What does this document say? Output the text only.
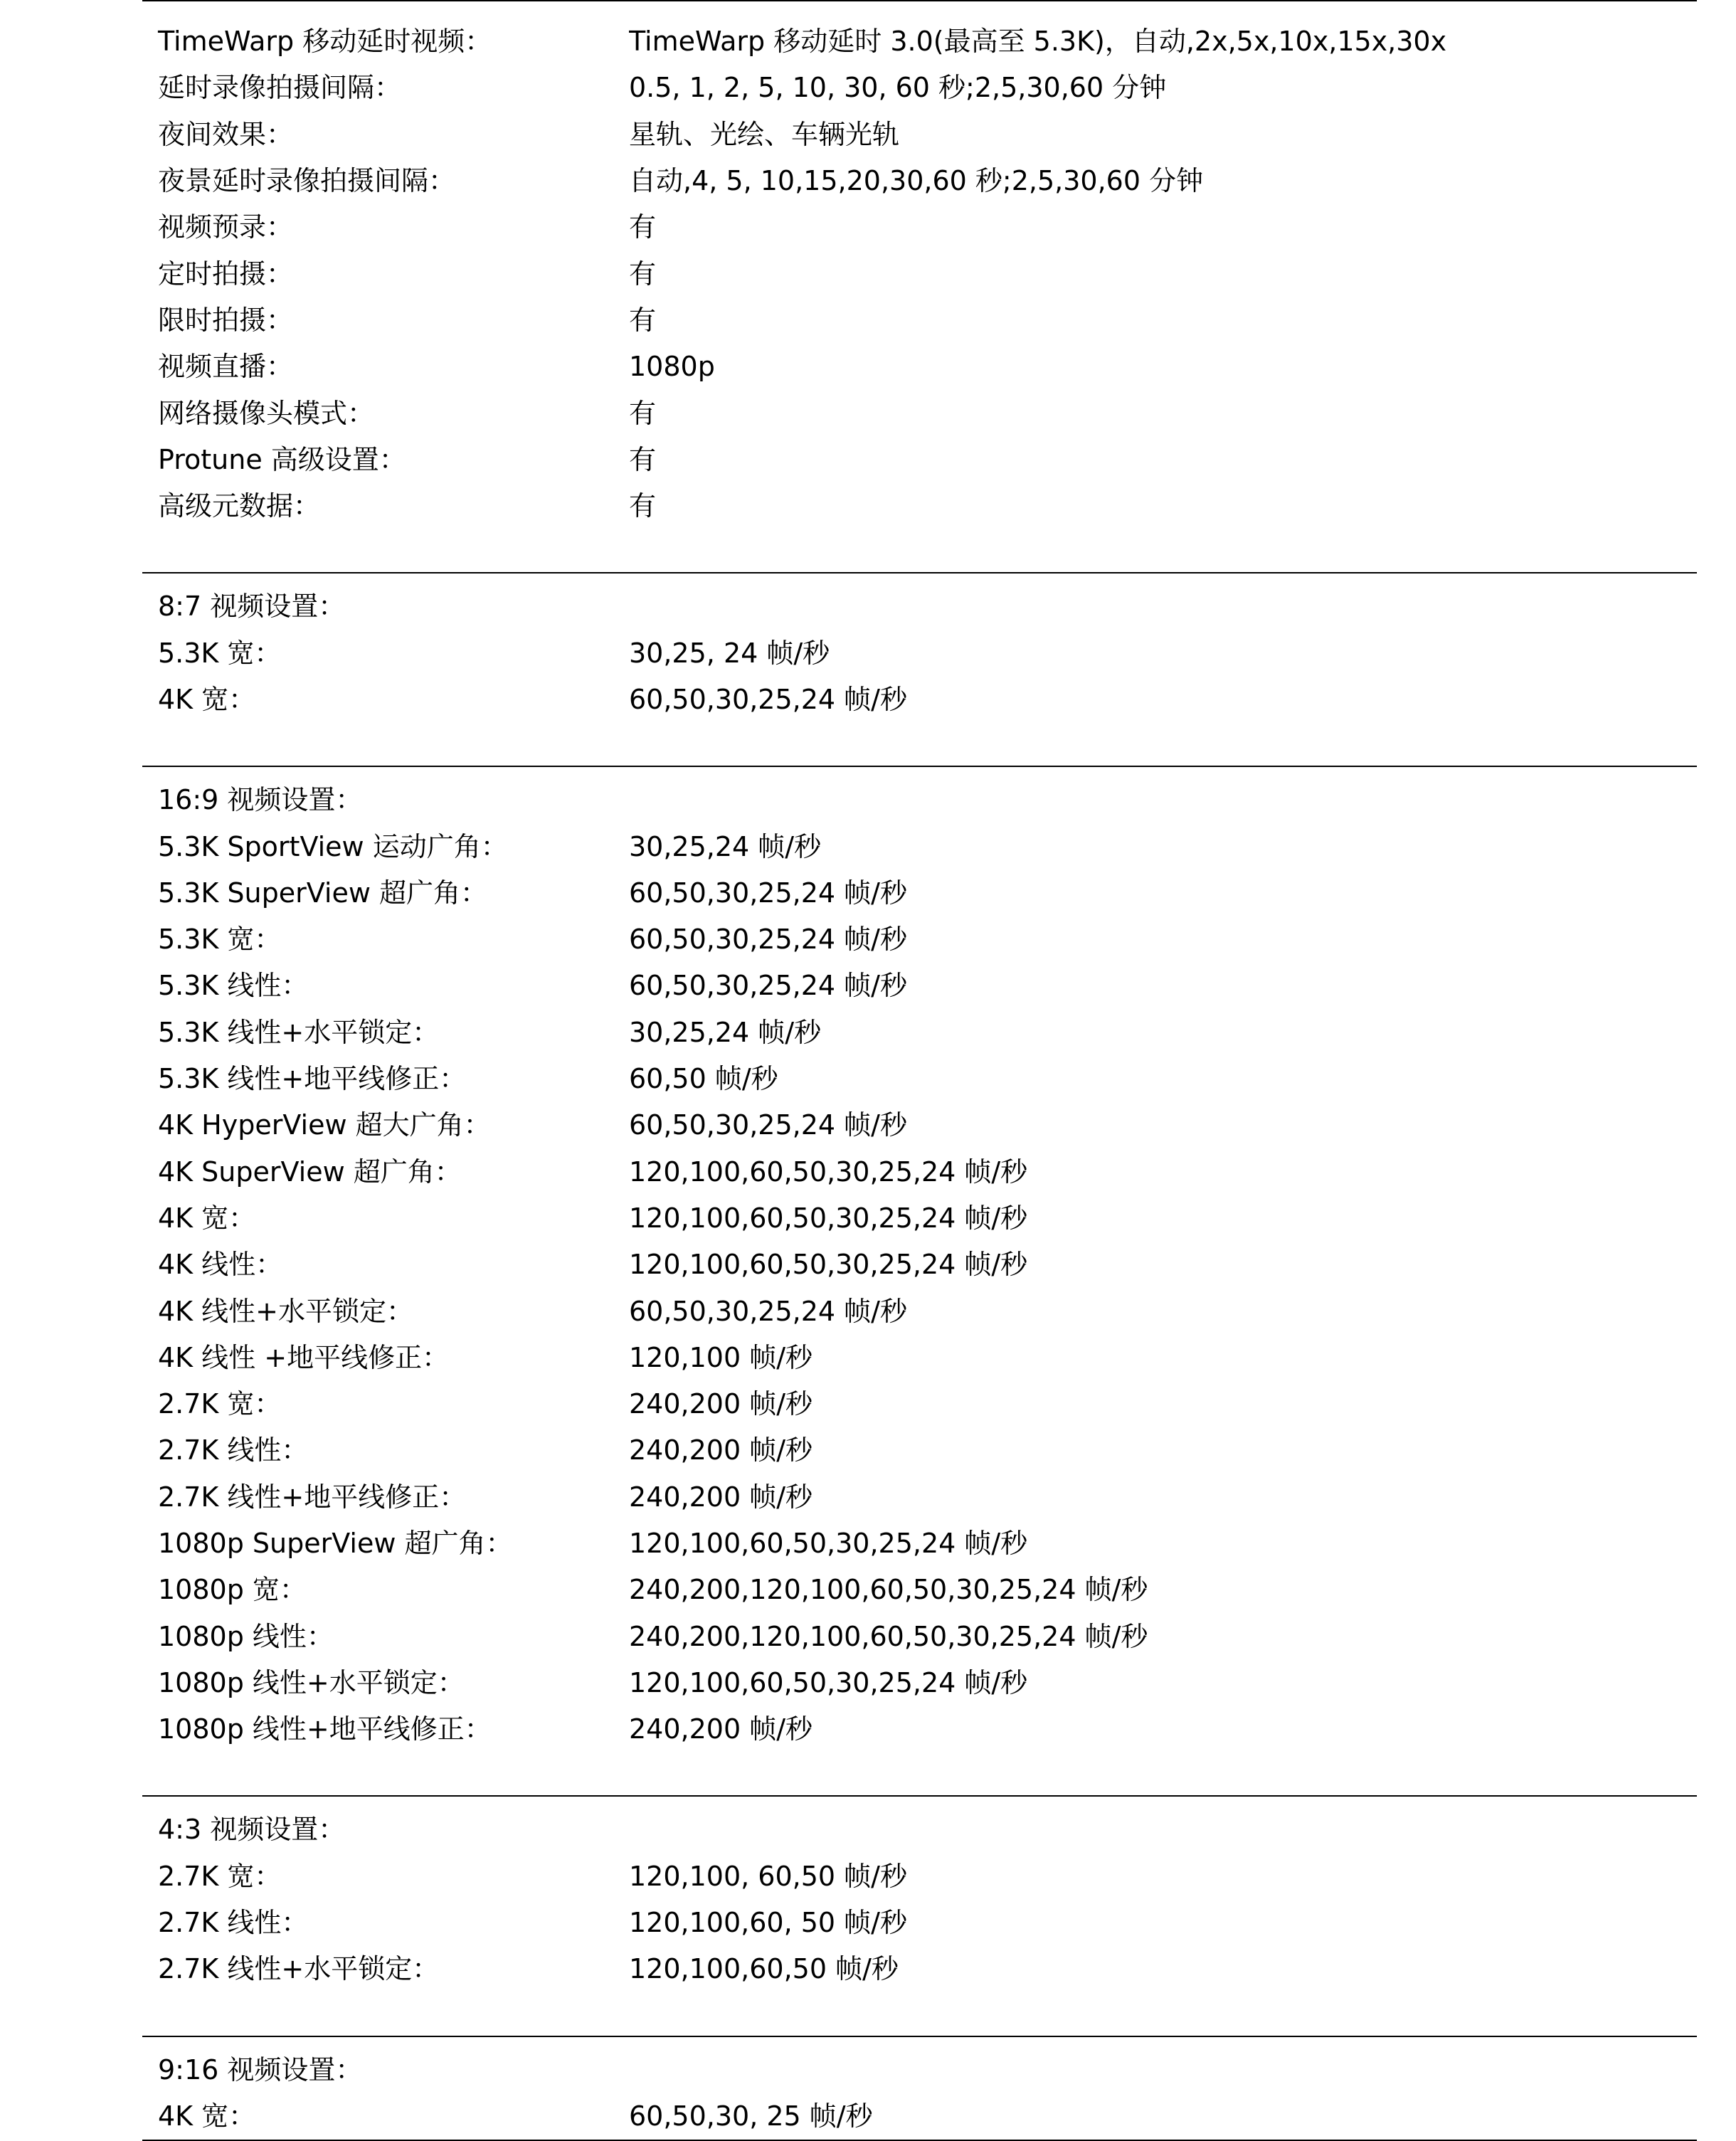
TimeWarp 移动延时视频：	TimeWarp 移动延时 3.0(最高至 5.3K)，自动,2x,5x,10x,15x,30x
延时录像拍摄间隔：	0.5, 1, 2, 5, 10, 30, 60 秒;2,5,30,60 分钟
夜间效果：	星轨、光绘、车辆光轨
夜景延时录像拍摄间隔：	自动,4, 5, 10,15,20,30,60 秒;2,5,30,60 分钟
视频预录：	有
定时拍摄：	有
限时拍摄：	有
视频直播：	1080p
网络摄像头模式：	有
Protune 高级设置：	有
高级元数据：	有
8:7 视频设置：
5.3K 宽：	30,25, 24 帧/秒
4K 宽：	60,50,30,25,24 帧/秒
16:9 视频设置：
5.3K SportView 运动广角：	30,25,24 帧/秒
5.3K SuperView 超广角：	60,50,30,25,24 帧/秒
5.3K 宽：	60,50,30,25,24 帧/秒
5.3K 线性：	60,50,30,25,24 帧/秒
5.3K 线性+水平锁定：	30,25,24 帧/秒
5.3K 线性+地平线修正：	60,50 帧/秒
4K HyperView 超大广角：	60,50,30,25,24 帧/秒
4K SuperView 超广角：	120,100,60,50,30,25,24 帧/秒
4K 宽：	120,100,60,50,30,25,24 帧/秒
4K 线性：	120,100,60,50,30,25,24 帧/秒
4K 线性+水平锁定：	60,50,30,25,24 帧/秒
4K 线性 +地平线修正：	120,100 帧/秒
2.7K 宽：	240,200 帧/秒
2.7K 线性：	240,200 帧/秒
2.7K 线性+地平线修正：	240,200 帧/秒
1080p SuperView 超广角：	120,100,60,50,30,25,24 帧/秒
1080p 宽：	240,200,120,100,60,50,30,25,24 帧/秒
1080p 线性：	240,200,120,100,60,50,30,25,24 帧/秒
1080p 线性+水平锁定：	120,100,60,50,30,25,24 帧/秒
1080p 线性+地平线修正：	240,200 帧/秒
4:3 视频设置：
2.7K 宽：	120,100, 60,50 帧/秒
2.7K 线性：	120,100,60, 50 帧/秒
2.7K 线性+水平锁定：	120,100,60,50 帧/秒
9:16 视频设置：
4K 宽：	60,50,30, 25 帧/秒
